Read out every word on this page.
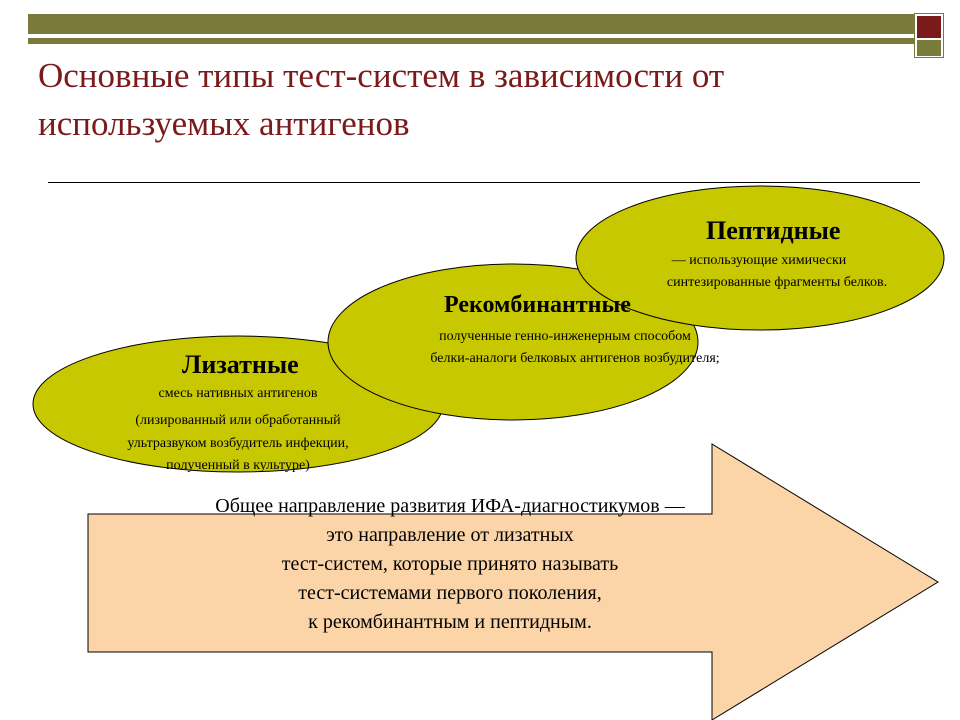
Основные типы тест-систем в зависимости от
используемых антигенов
Лизатные
смесь нативных антигенов
(лизированный или обработанный
ультразвуком возбудитель инфекции,
полученный в культуре)
Рекомбинантные
полученные генно-инженерным способом
белки-аналоги белковых антигенов возбудителя;
Пептидные
— использующие химически
синтезированные фрагменты белков.
Общее направление развития ИФА-диагностикумов —
это направление от лизатных
тест-систем, которые принято называть
тест-системами первого поколения,
к рекомбинантным и пептидным.
